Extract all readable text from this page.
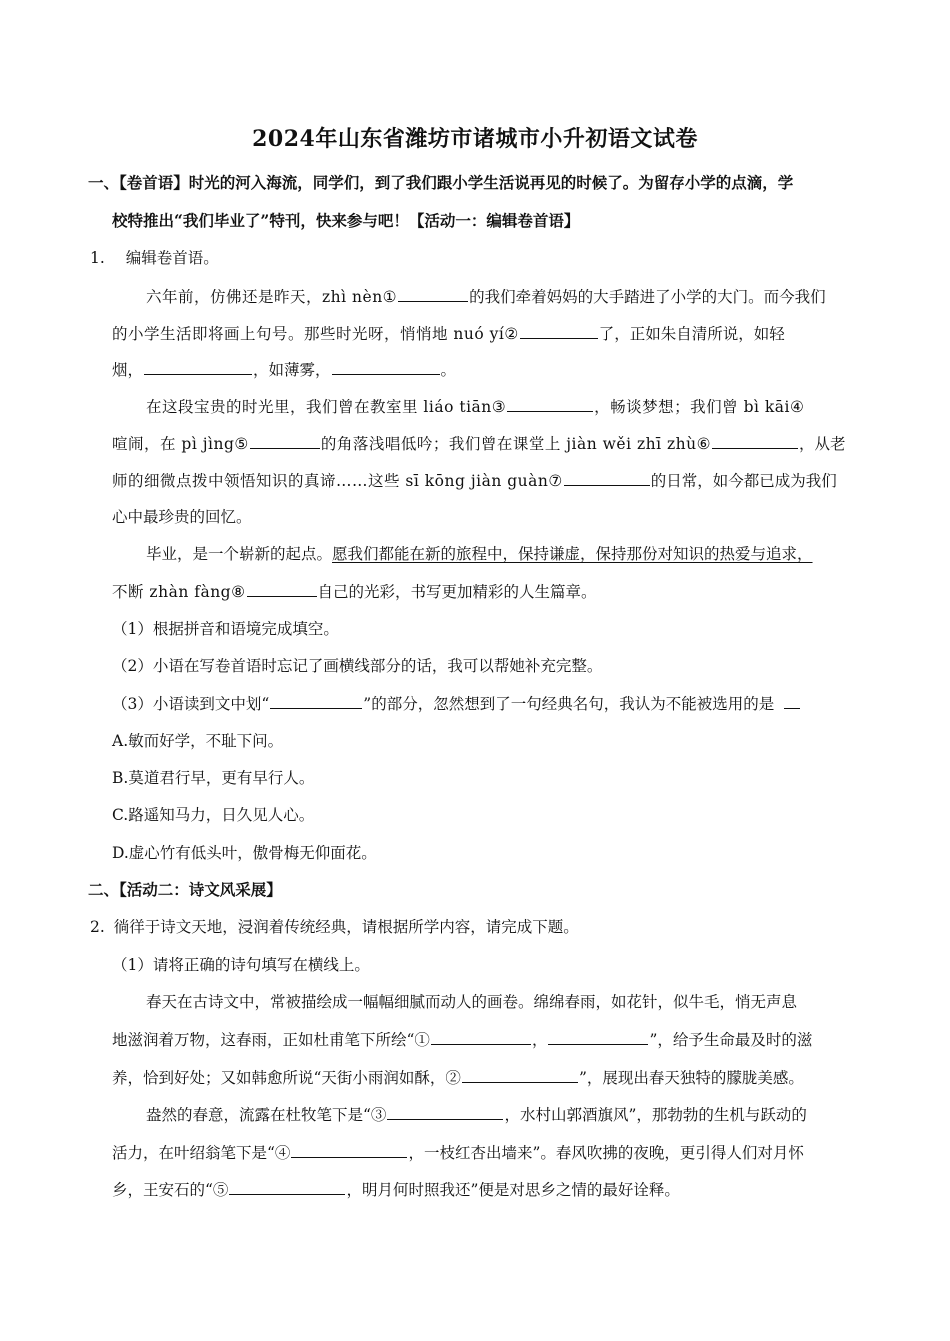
2024年山东省潍坊市诸城市小升初语文试卷
一、【卷首语】时光的河入海流，同学们，到了我们跟小学生活说再见的时候了。为留存小学的点滴，学
校特推出“我们毕业了”特刊，快来参与吧！【活动一：编辑卷首语】
1. 编辑卷首语。
六年前，仿佛还是昨天，zhì nèn①	的我们牵着妈妈的大手踏进了小学的大门。而今我们
的小学生活即将画上句号。那些时光呀，悄悄地 nuó yí②	了，正如朱自清所说，如轻
烟，	，如薄雾，	。
在这段宝贵的时光里，我们曾在教室里 liáo tiān③	，畅谈梦想；我们曾 bì kāi④
喧闹，在 pì jìng⑤	的角落浅唱低吟；我们曾在课堂上 jiàn wěi zhī zhù⑥	，从老
师的细微点拨中领悟知识的真谛……这些 sī kōng jiàn guàn⑦	的日常，如今都已成为我们
心中最珍贵的回忆。
毕业，是一个崭新的起点。愿我们都能在新的旅程中，保持谦虚，保持那份对知识的热爱与追求，
不断 zhàn fàng⑧	自己的光彩，书写更加精彩的人生篇章。
（1）根据拼音和语境完成填空。
（2）小语在写卷首语时忘记了画横线部分的话，我可以帮她补充完整。
（3）小语读到文中划“	”的部分，忽然想到了一句经典名句，我认为不能被选用的是
A.敏而好学，不耻下问。
B.莫道君行早，更有早行人。
C.路遥知马力，日久见人心。
D.虚心竹有低头叶，傲骨梅无仰面花。
二、【活动二：诗文风采展】
2. 徜徉于诗文天地，浸润着传统经典，请根据所学内容，请完成下题。
（1）请将正确的诗句填写在横线上。
春天在古诗文中，常被描绘成一幅幅细腻而动人的画卷。绵绵春雨，如花针，似牛毛，悄无声息
地滋润着万物，这春雨，正如杜甫笔下所绘“①	，	”，给予生命最及时的滋
养，恰到好处；又如韩愈所说“天街小雨润如酥，②	”，展现出春天独特的朦胧美感。
盎然的春意，流露在杜牧笔下是“③	，水村山郭酒旗风”，那勃勃的生机与跃动的
活力，在叶绍翁笔下是“④	，一枝红杏出墙来”。春风吹拂的夜晚，更引得人们对月怀
乡，王安石的“⑤	，明月何时照我还”便是对思乡之情的最好诠释。
